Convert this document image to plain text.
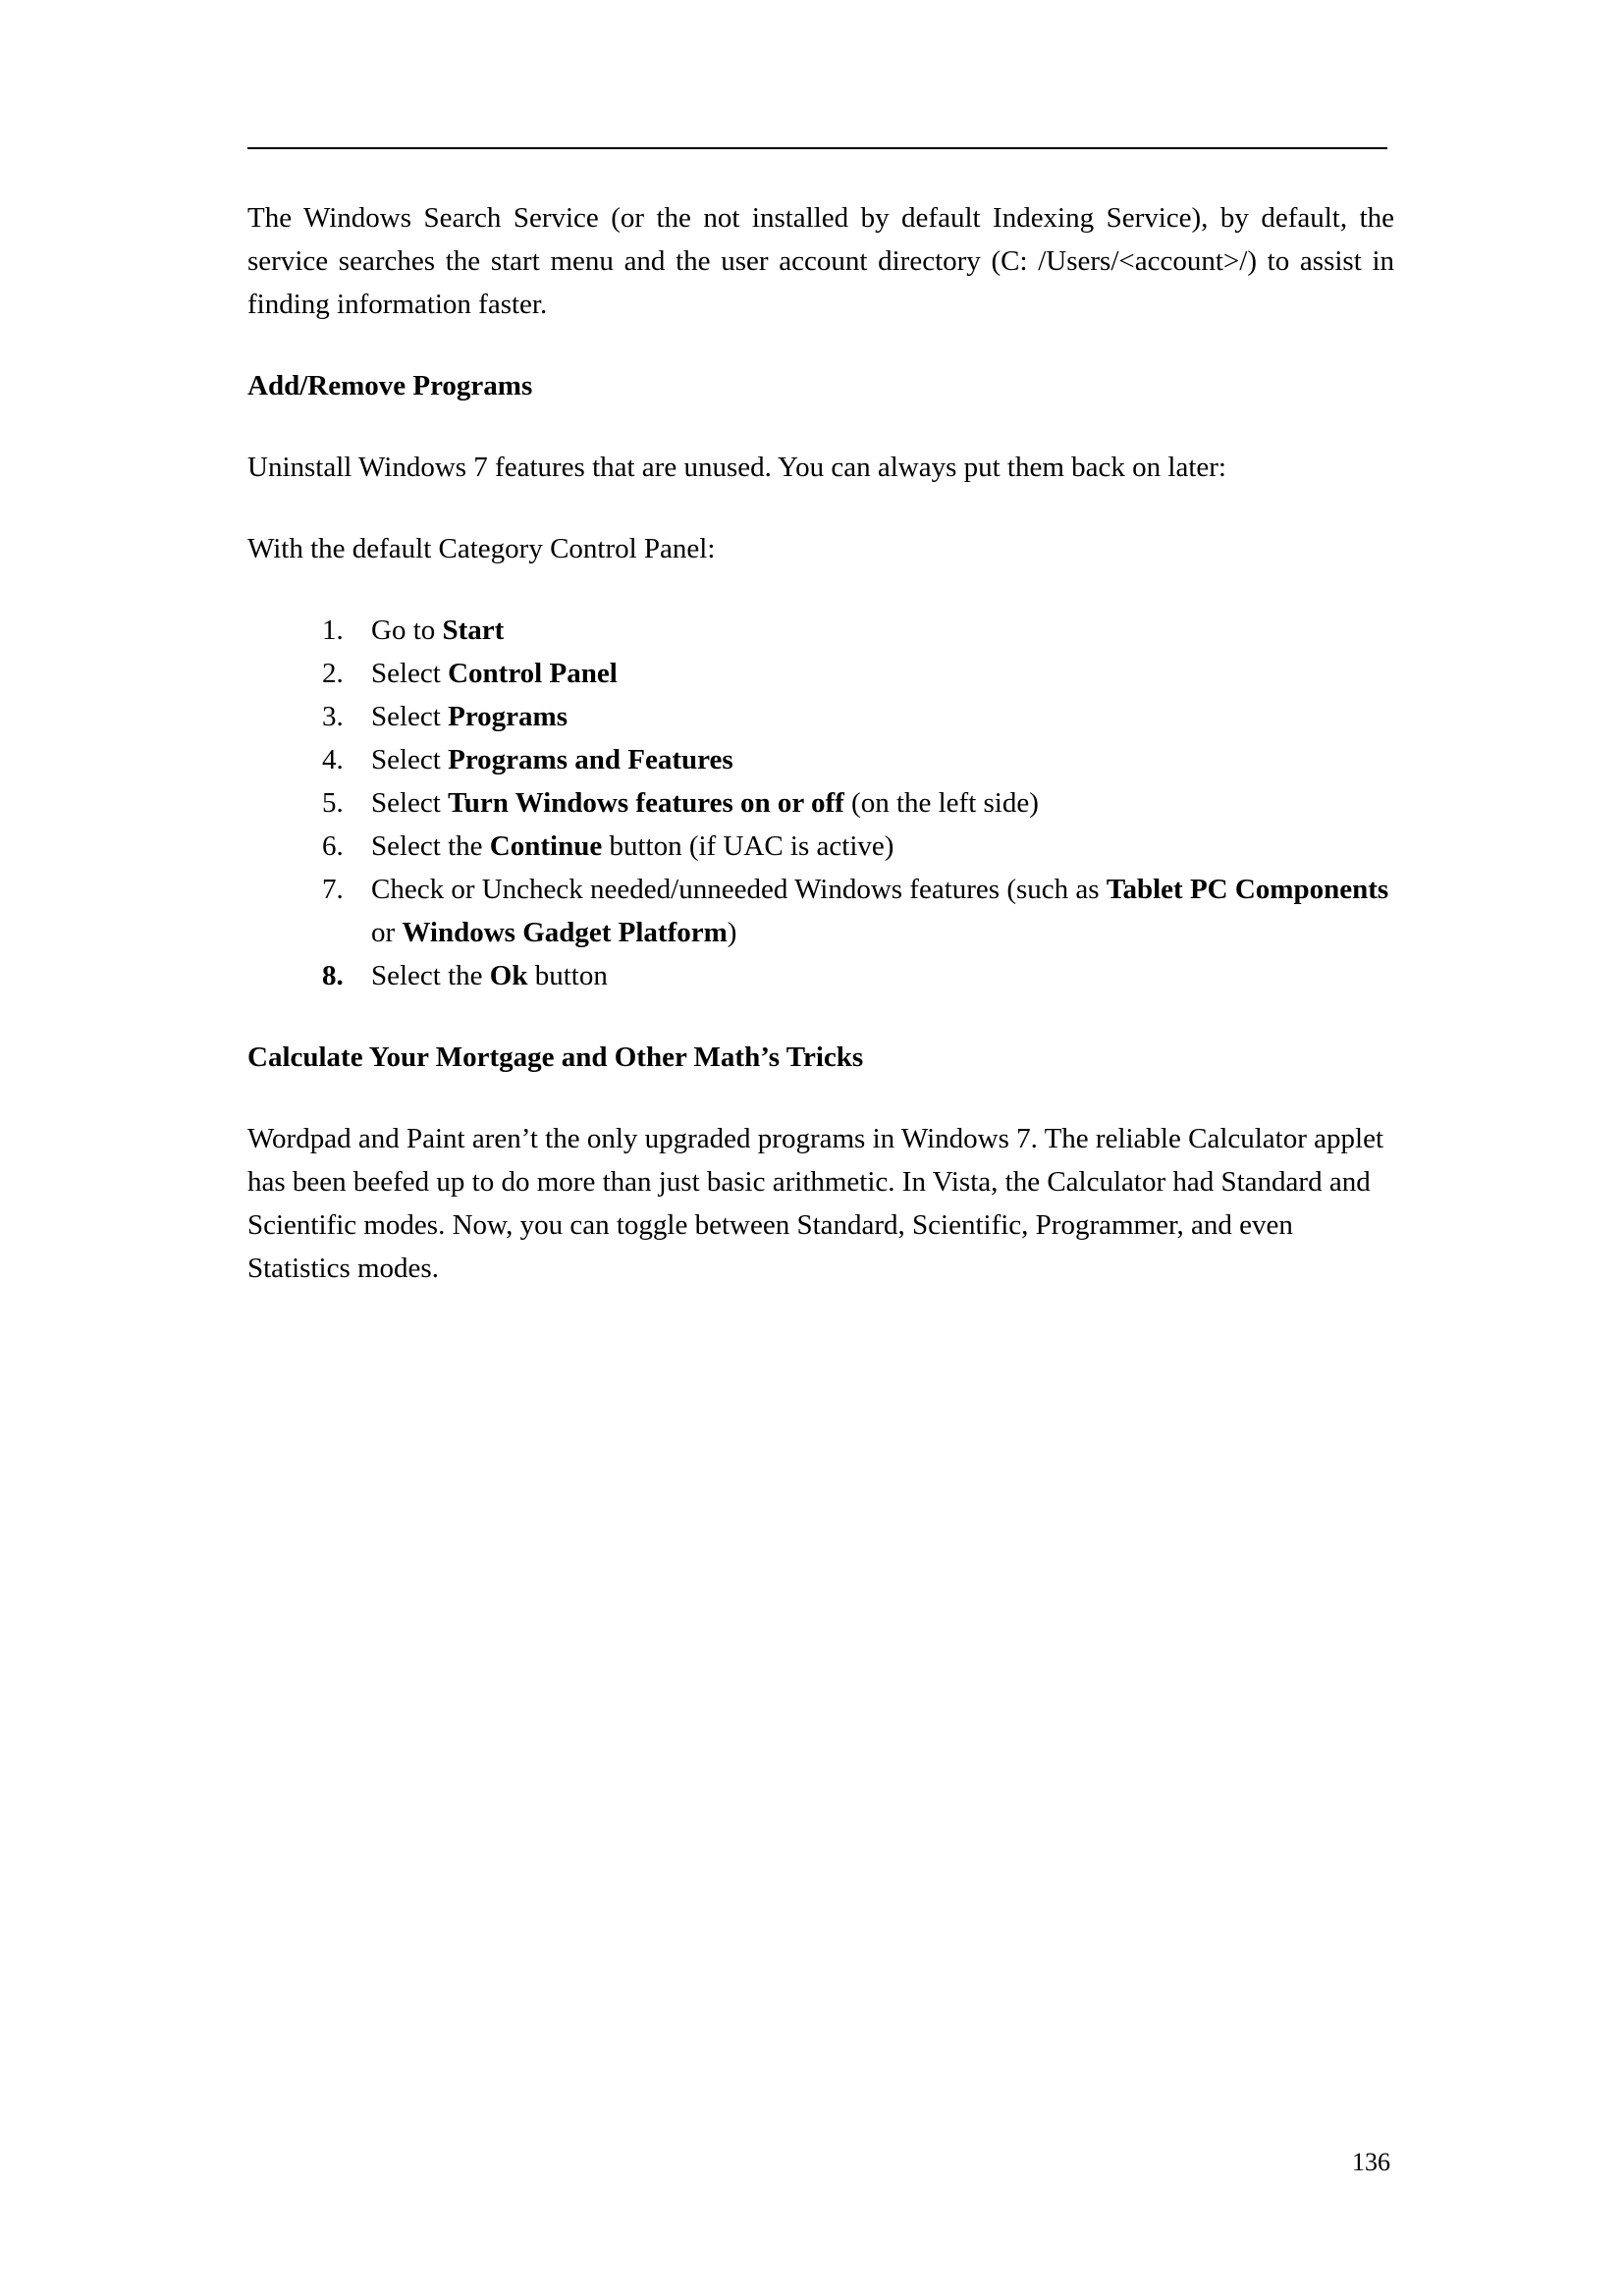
The Windows Search Service (or the not installed by default Indexing Service), by default, the service searches the start menu and the user account directory (C: /Users/<account>/) to assist in finding information faster.

Add/Remove Programs

Uninstall Windows 7 features that are unused. You can always put them back on later:

With the default Category Control Panel:

1. Go to Start
2. Select Control Panel
3. Select Programs
4. Select Programs and Features
5. Select Turn Windows features on or off (on the left side)
6. Select the Continue button (if UAC is active)
7. Check or Uncheck needed/unneeded Windows features (such as Tablet PC Components or Windows Gadget Platform)
8. Select the Ok button

Calculate Your Mortgage and Other Math’s Tricks

Wordpad and Paint aren’t the only upgraded programs in Windows 7. The reliable Calculator applet has been beefed up to do more than just basic arithmetic. In Vista, the Calculator had Standard and Scientific modes. Now, you can toggle between Standard, Scientific, Programmer, and even Statistics modes.

136
